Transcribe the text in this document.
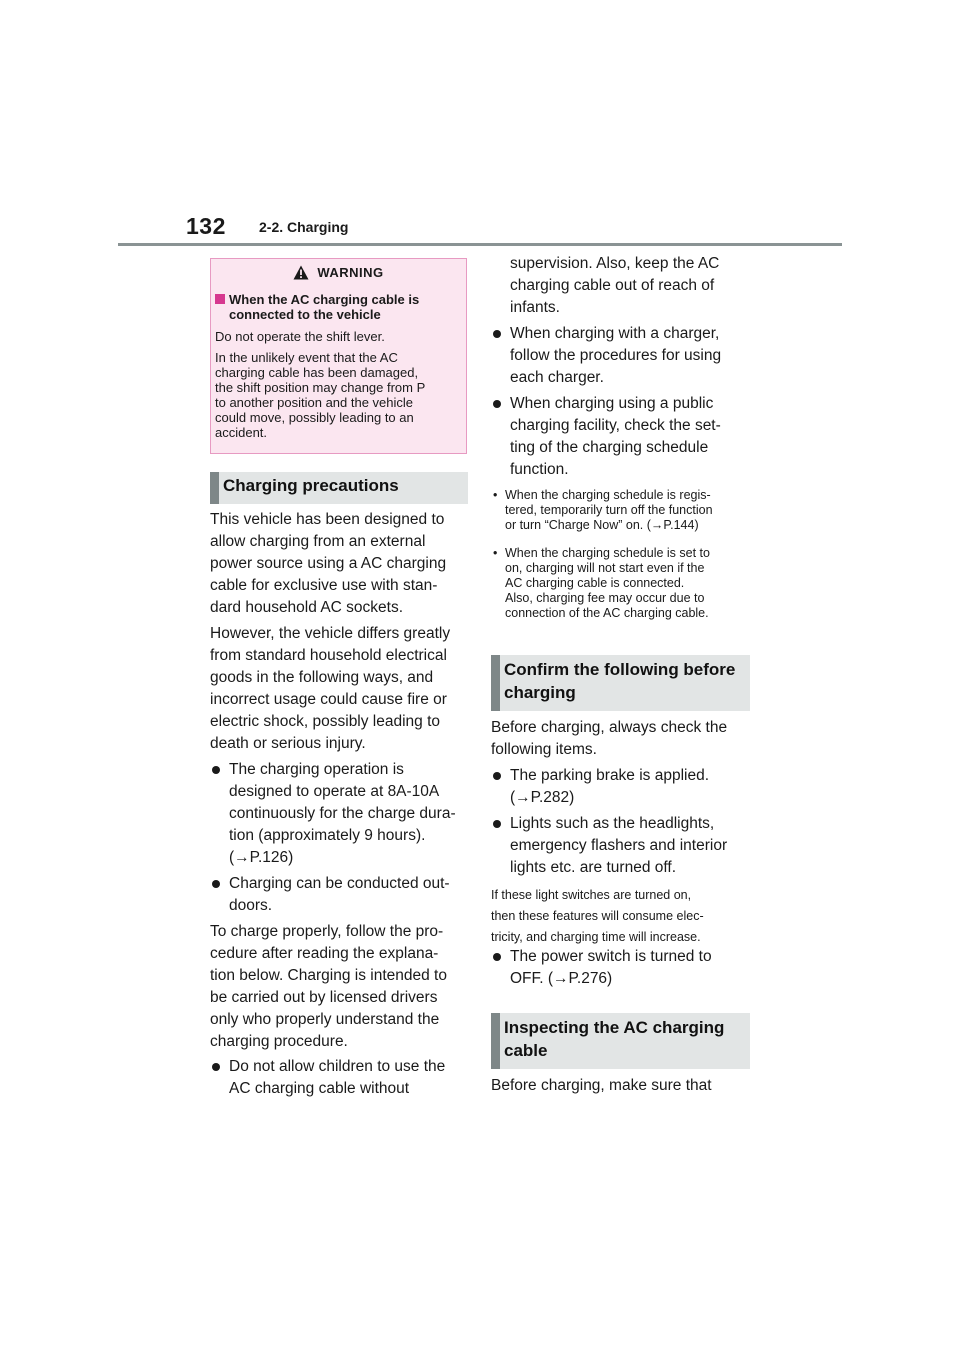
132 2-2. Charging
WARNING
When the AC charging cable is connected to the vehicle
Do not operate the shift lever.
In the unlikely event that the AC
charging cable has been damaged,
the shift position may change from P
to another position and the vehicle
could move, possibly leading to an
accident.
Charging precautions
This vehicle has been designed to
allow charging from an external
power source using a AC charging
cable for exclusive use with stan-
dard household AC sockets.
However, the vehicle differs greatly
from standard household electrical
goods in the following ways, and
incorrect usage could cause fire or
electric shock, possibly leading to
death or serious injury.
The charging operation is
designed to operate at 8A-10A
continuously for the charge dura-
tion (approximately 9 hours).
(→P.126)
Charging can be conducted out-
doors.
To charge properly, follow the pro-
cedure after reading the explana-
tion below. Charging is intended to
be carried out by licensed drivers
only who properly understand the
charging procedure.
Do not allow children to use the
AC charging cable without
supervision. Also, keep the AC
charging cable out of reach of
infants.
When charging with a charger,
follow the procedures for using
each charger.
When charging using a public
charging facility, check the set-
ting of the charging schedule
function.
• When the charging schedule is regis-
tered, temporarily turn off the function
or turn “Charge Now” on. (→P.144)
• When the charging schedule is set to
on, charging will not start even if the
AC charging cable is connected.
Also, charging fee may occur due to
connection of the AC charging cable.
Confirm the following before
charging
Before charging, always check the
following items.
The parking brake is applied.
(→P.282)
Lights such as the headlights,
emergency flashers and interior
lights etc. are turned off.
If these light switches are turned on,
then these features will consume elec-
tricity, and charging time will increase.
The power switch is turned to
OFF. (→P.276)
Inspecting the AC charging
cable
Before charging, make sure that
